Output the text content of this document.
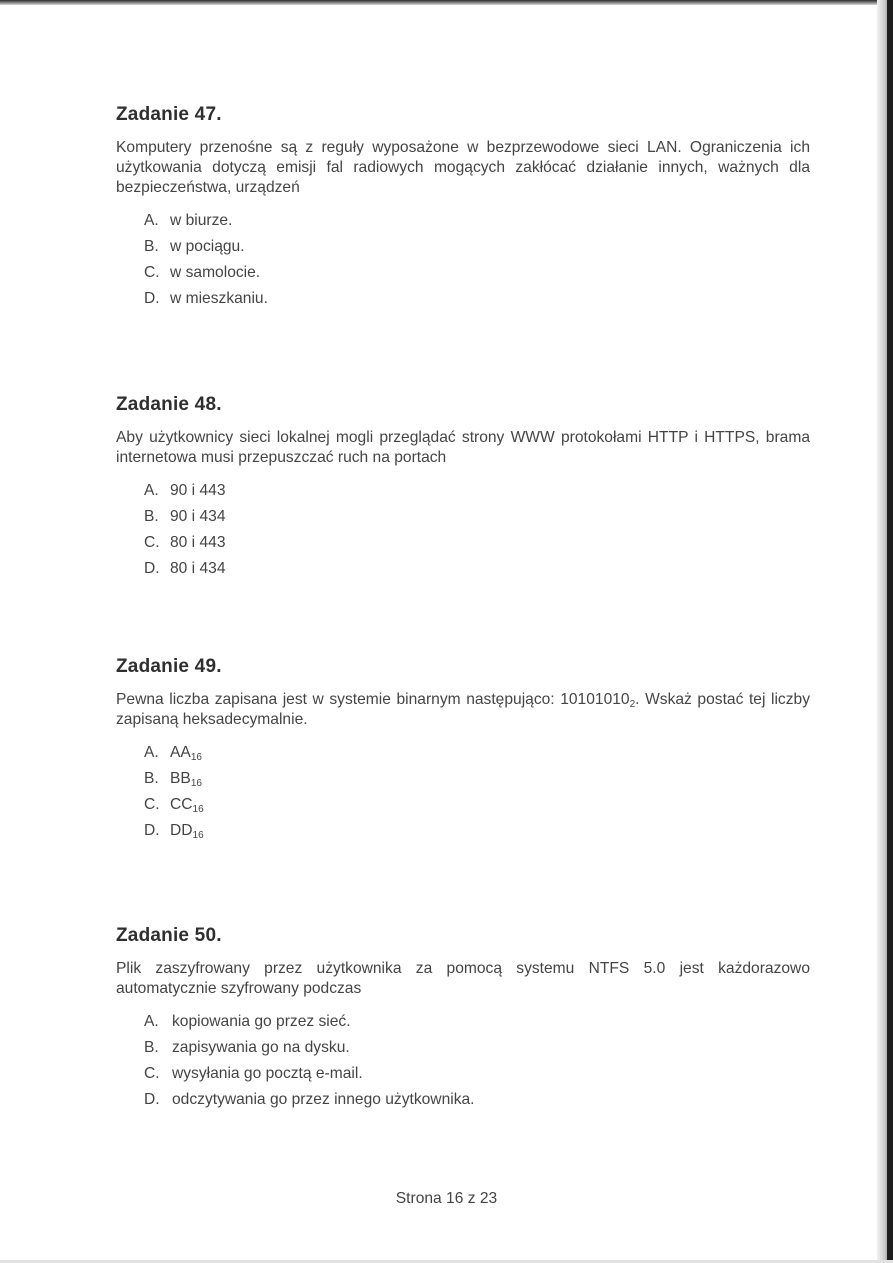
Zadanie 47.

Komputery przenośne są z reguły wyposażone w bezprzewodowe sieci LAN. Ograniczenia ich użytkowania dotyczą emisji fal radiowych mogących zakłócać działanie innych, ważnych dla bezpieczeństwa, urządzeń

A. w biurze.
B. w pociągu.
C. w samolocie.
D. w mieszkaniu.
Zadanie 48.

Aby użytkownicy sieci lokalnej mogli przeglądać strony WWW protokołami HTTP i HTTPS, brama internetowa musi przepuszczać ruch na portach

A. 90 i 443
B. 90 i 434
C. 80 i 443
D. 80 i 434
Zadanie 49.

Pewna liczba zapisana jest w systemie binarnym następująco: $10101010_2$. Wskaż postać tej liczby zapisaną heksadecymalnie.

A. $AA_{16}$
B. $BB_{16}$
C. $CC_{16}$
D. $DD_{16}$
Zadanie 50.

Plik zaszyfrowany przez użytkownika za pomocą systemu NTFS 5.0 jest każdorazowo automatycznie szyfrowany podczas

A. kopiowania go przez sieć.
B. zapisywania go na dysku.
C. wysyłania go pocztą e-mail.
D. odczytywania go przez innego użytkownika.
Strona 16 z 23
